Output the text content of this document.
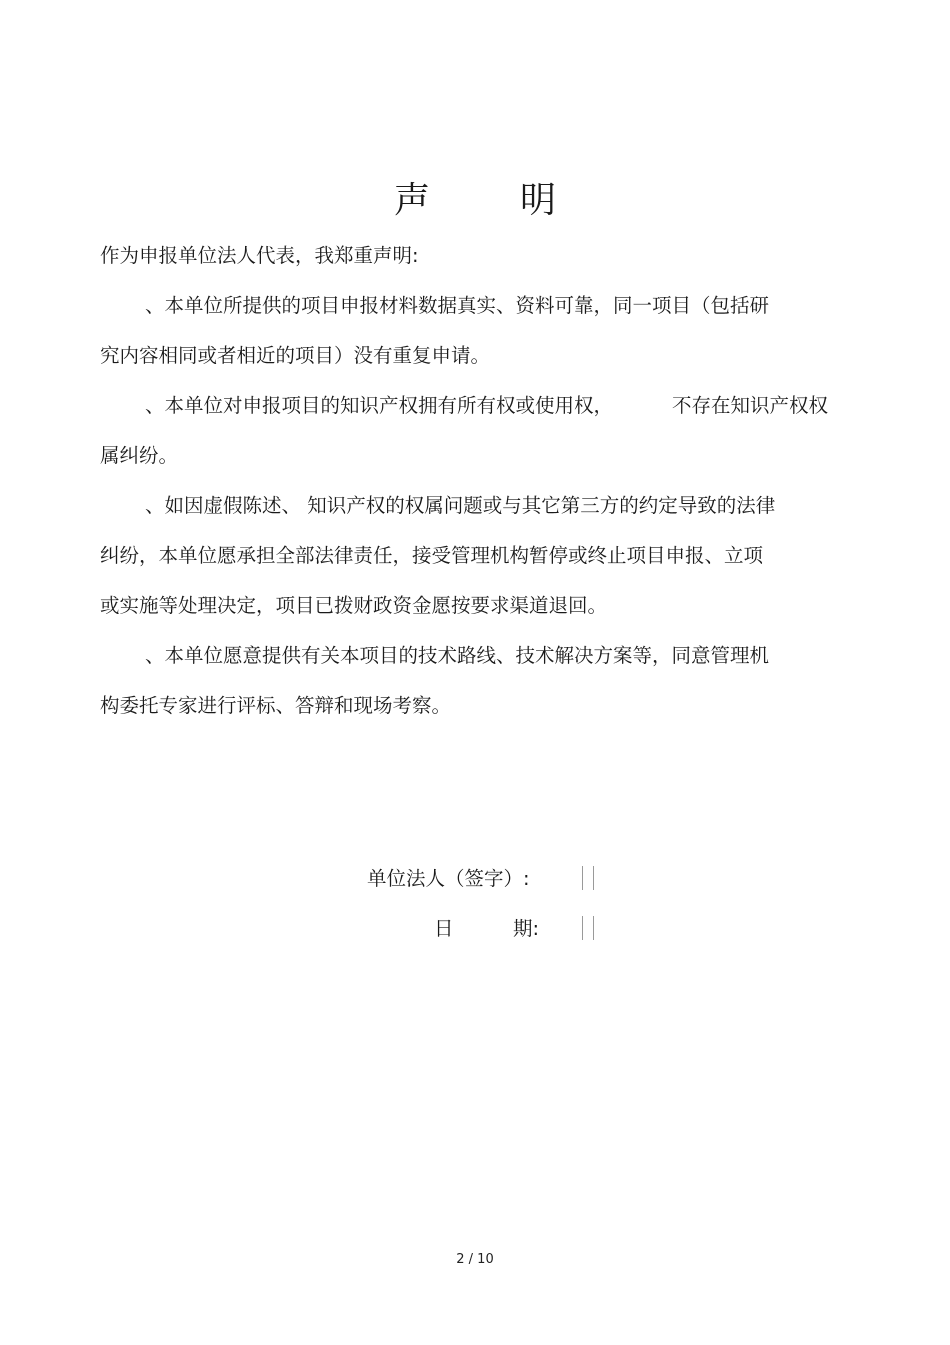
声	明
作为申报单位法人代表，我郑重声明:
、本单位所提供的项目申报材料数据真实、资料可靠，同一项目（包括研
究内容相同或者相近的项目）没有重复申请。
、本单位对申报项目的知识产权拥有所有权或使用权，	不存在知识产权权
属纠纷。
、如因虚假陈述、 知识产权的权属问题或与其它第三方的约定导致的法律
纠纷，本单位愿承担全部法律责任，接受管理机构暂停或终止项目申报、立项
或实施等处理决定，项目已拨财政资金愿按要求渠道退回。
、本单位愿意提供有关本项目的技术路线、技术解决方案等，同意管理机
构委托专家进行评标、答辩和现场考察。
单位法人（签字）:
日	期:
2 / 10
